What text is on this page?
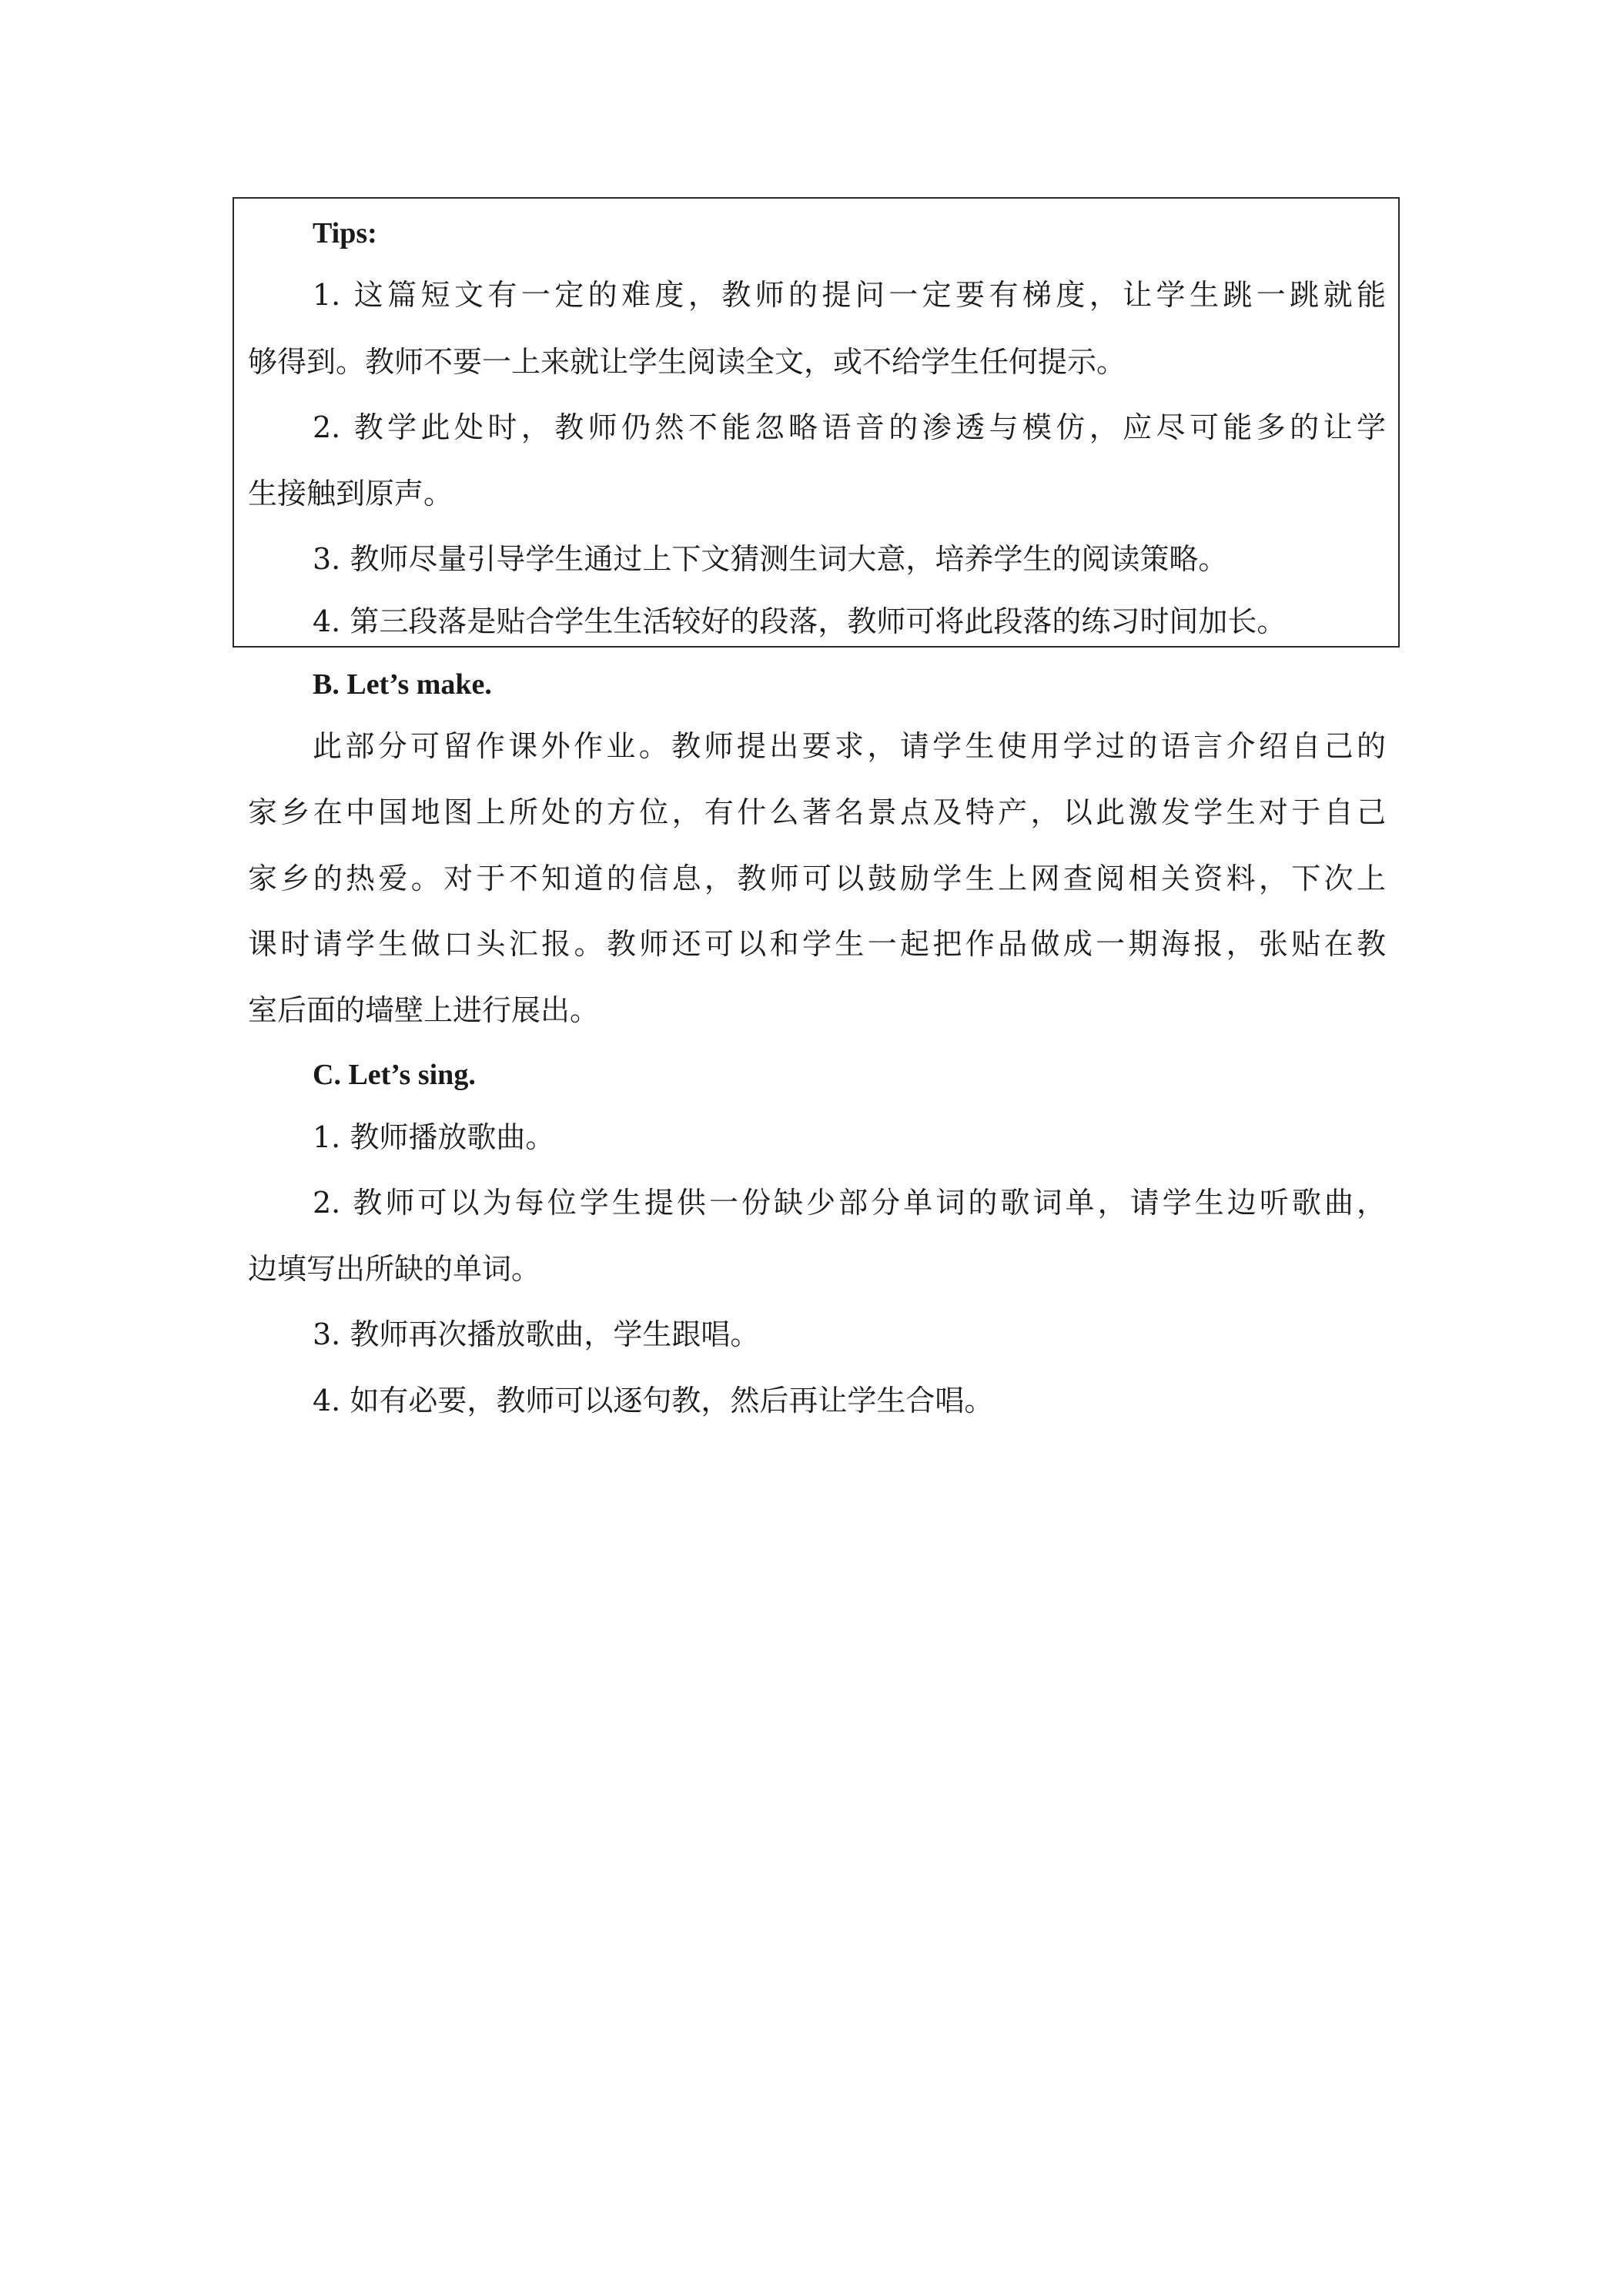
Tips:
1. 这篇短文有一定的难度，教师的提问一定要有梯度，让学生跳一跳就能
够得到。教师不要一上来就让学生阅读全文，或不给学生任何提示。
2. 教学此处时，教师仍然不能忽略语音的渗透与模仿，应尽可能多的让学
生接触到原声。
3. 教师尽量引导学生通过上下文猜测生词大意，培养学生的阅读策略。
4. 第三段落是贴合学生生活较好的段落，教师可将此段落的练习时间加长。
B. Let’s make.
此部分可留作课外作业。教师提出要求，请学生使用学过的语言介绍自己的
家乡在中国地图上所处的方位，有什么著名景点及特产，以此激发学生对于自己
家乡的热爱。对于不知道的信息，教师可以鼓励学生上网查阅相关资料，下次上
课时请学生做口头汇报。教师还可以和学生一起把作品做成一期海报，张贴在教
室后面的墙壁上进行展出。
C. Let’s sing.
1. 教师播放歌曲。
2. 教师可以为每位学生提供一份缺少部分单词的歌词单，请学生边听歌曲，
边填写出所缺的单词。
3. 教师再次播放歌曲，学生跟唱。
4. 如有必要，教师可以逐句教，然后再让学生合唱。
